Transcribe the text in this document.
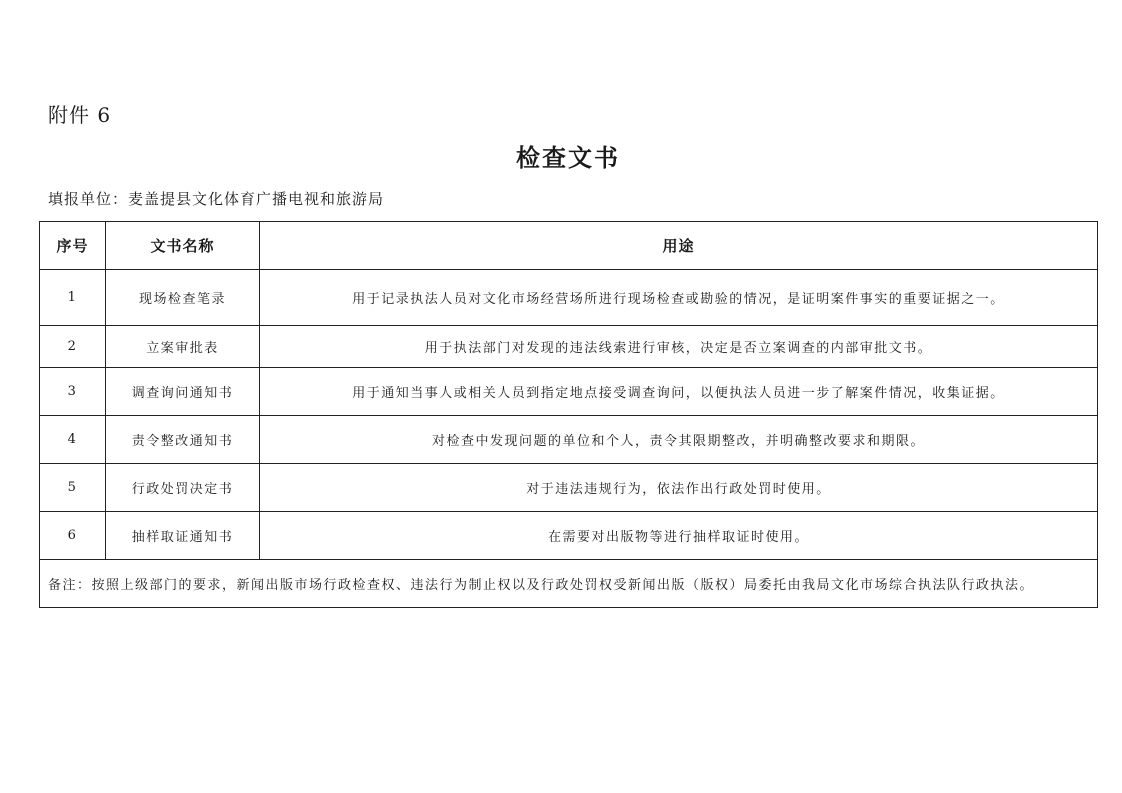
附件 6
检查文书
填报单位：麦盖提县文化体育广播电视和旅游局
序号	文书名称	用途
1	现场检查笔录	用于记录执法人员对文化市场经营场所进行现场检查或勘验的情况，是证明案件事实的重要证据之一。
2	立案审批表	用于执法部门对发现的违法线索进行审核，决定是否立案调查的内部审批文书。
3	调查询问通知书	用于通知当事人或相关人员到指定地点接受调查询问，以便执法人员进一步了解案件情况，收集证据。
4	责令整改通知书	对检查中发现问题的单位和个人，责令其限期整改，并明确整改要求和期限。
5	行政处罚决定书	对于违法违规行为，依法作出行政处罚时使用。
6	抽样取证通知书	在需要对出版物等进行抽样取证时使用。
备注：按照上级部门的要求，新闻出版市场行政检查权、违法行为制止权以及行政处罚权受新闻出版（版权）局委托由我局文化市场综合执法队行政执法。		
